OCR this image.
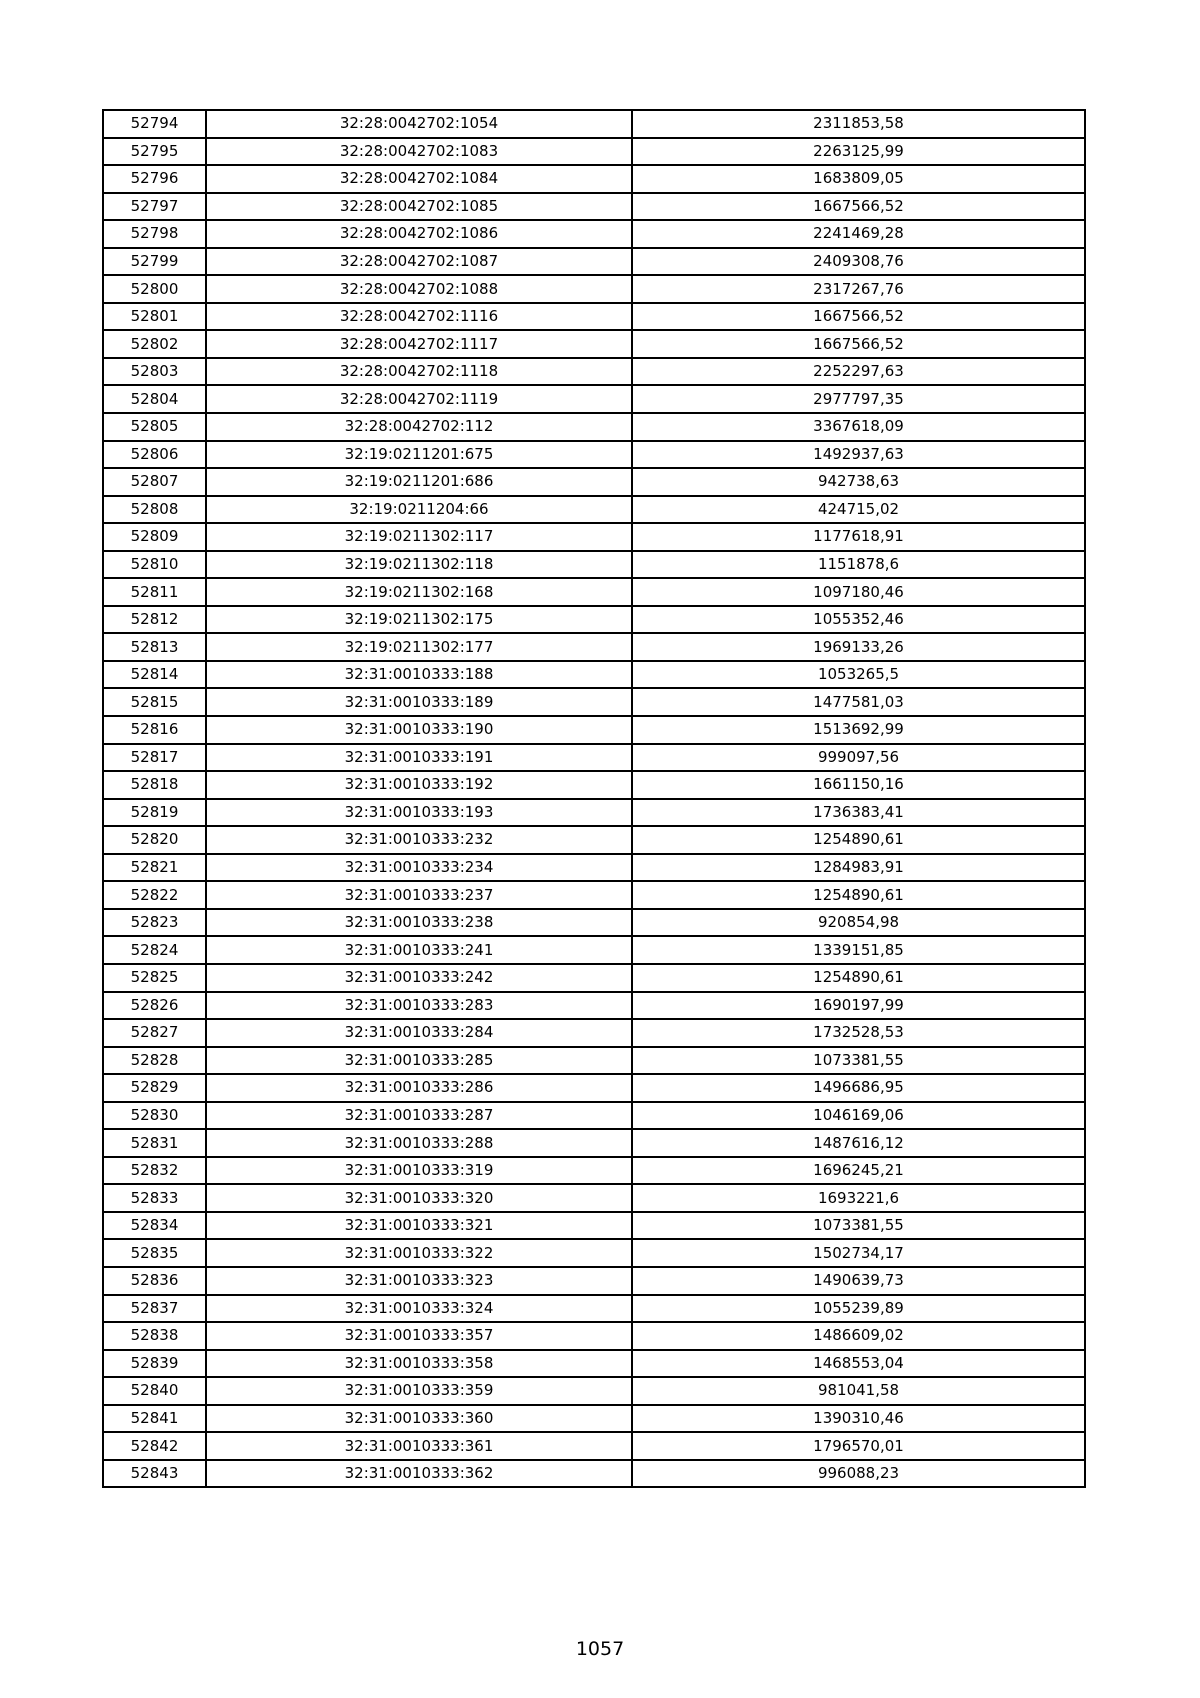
52794	32:28:0042702:1054	2311853,58
52795	32:28:0042702:1083	2263125,99
52796	32:28:0042702:1084	1683809,05
52797	32:28:0042702:1085	1667566,52
52798	32:28:0042702:1086	2241469,28
52799	32:28:0042702:1087	2409308,76
52800	32:28:0042702:1088	2317267,76
52801	32:28:0042702:1116	1667566,52
52802	32:28:0042702:1117	1667566,52
52803	32:28:0042702:1118	2252297,63
52804	32:28:0042702:1119	2977797,35
52805	32:28:0042702:112	3367618,09
52806	32:19:0211201:675	1492937,63
52807	32:19:0211201:686	942738,63
52808	32:19:0211204:66	424715,02
52809	32:19:0211302:117	1177618,91
52810	32:19:0211302:118	1151878,6
52811	32:19:0211302:168	1097180,46
52812	32:19:0211302:175	1055352,46
52813	32:19:0211302:177	1969133,26
52814	32:31:0010333:188	1053265,5
52815	32:31:0010333:189	1477581,03
52816	32:31:0010333:190	1513692,99
52817	32:31:0010333:191	999097,56
52818	32:31:0010333:192	1661150,16
52819	32:31:0010333:193	1736383,41
52820	32:31:0010333:232	1254890,61
52821	32:31:0010333:234	1284983,91
52822	32:31:0010333:237	1254890,61
52823	32:31:0010333:238	920854,98
52824	32:31:0010333:241	1339151,85
52825	32:31:0010333:242	1254890,61
52826	32:31:0010333:283	1690197,99
52827	32:31:0010333:284	1732528,53
52828	32:31:0010333:285	1073381,55
52829	32:31:0010333:286	1496686,95
52830	32:31:0010333:287	1046169,06
52831	32:31:0010333:288	1487616,12
52832	32:31:0010333:319	1696245,21
52833	32:31:0010333:320	1693221,6
52834	32:31:0010333:321	1073381,55
52835	32:31:0010333:322	1502734,17
52836	32:31:0010333:323	1490639,73
52837	32:31:0010333:324	1055239,89
52838	32:31:0010333:357	1486609,02
52839	32:31:0010333:358	1468553,04
52840	32:31:0010333:359	981041,58
52841	32:31:0010333:360	1390310,46
52842	32:31:0010333:361	1796570,01
52843	32:31:0010333:362	996088,23
1057
